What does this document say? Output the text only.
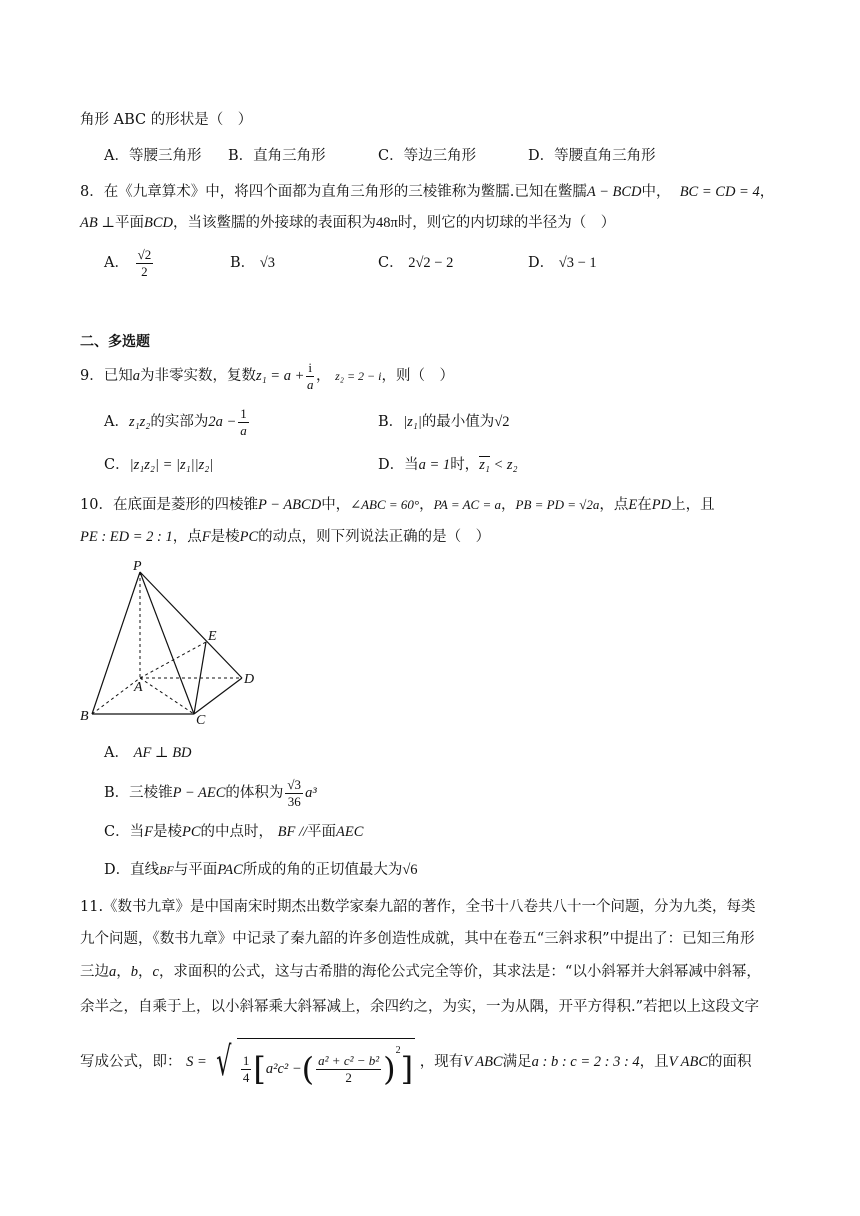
角形 ABC 的形状是（　）
A．等腰三角形 B．直角三角形	C．等边三角形	D．等腰直角三角形
8．在《九章算术》中，将四个面都为直角三角形的三棱锥称为鳖臑.已知在鳖臑A − BCD中， BC = CD = 4，
AB ⊥平面BCD，当该鳖臑的外接球的表面积为48π时，则它的内切球的半径为（　）
A． $\frac{√2}{2}$	B． √3	C． 2√2 − 2	D． √3 − 1
二、多选题
9．已知a为非零实数，复数$z_1 = a + \frac{i}{a}$ ， z₂ = 2 − i，则（　）
A．z₁z₂的实部为$2a - \frac{1}{a}$	B．|z₁|的最小值为√2
C．|z₁z₂| = |z₁||z₂|	D．当a = 1时，z₁ < z₂
10．在底面是菱形的四棱锥P − ABCD中，∠ABC = 60°，PA = AC = a，PB = PD = √2a，点E在PD上，且
PE : ED = 2 : 1，点F是棱PC的动点，则下列说法正确的是（　）
P
E
A
D
B	C
A． AF ⊥ BD
B．三棱锥P − AEC的体积为 $\frac{√3}{36} a^3$
C．当F是棱PC的中点时， BF //平面AEC
D．直线BF与平面PAC所成的角的正切值最大为√6
11.《数书九章》是中国南宋时期杰出数学家秦九韶的著作，全书十八卷共八十一个问题，分为九类，每类
九个问题，《数书九章》中记录了秦九韶的许多创造性成就，其中在卷五“三斜求积”中提出了：已知三角形
三边a，b，c，求面积的公式，这与古希腊的海伦公式完全等价，其求法是：“以小斜幂并大斜幂减中斜幂，
余半之，自乘于上，以小斜幂乘大斜幂减上，余四约之，为实，一为从隅，开平方得积.”若把以上这段文字
写成公式，即： S = √ $\frac{1}{4} [a^2c^2$ −( $\frac{\text{a² + c² − b²}}{2} )^2$] ，现有V ABC满足a : b : c = 2 : 3 : 4，且V ABC的面积
